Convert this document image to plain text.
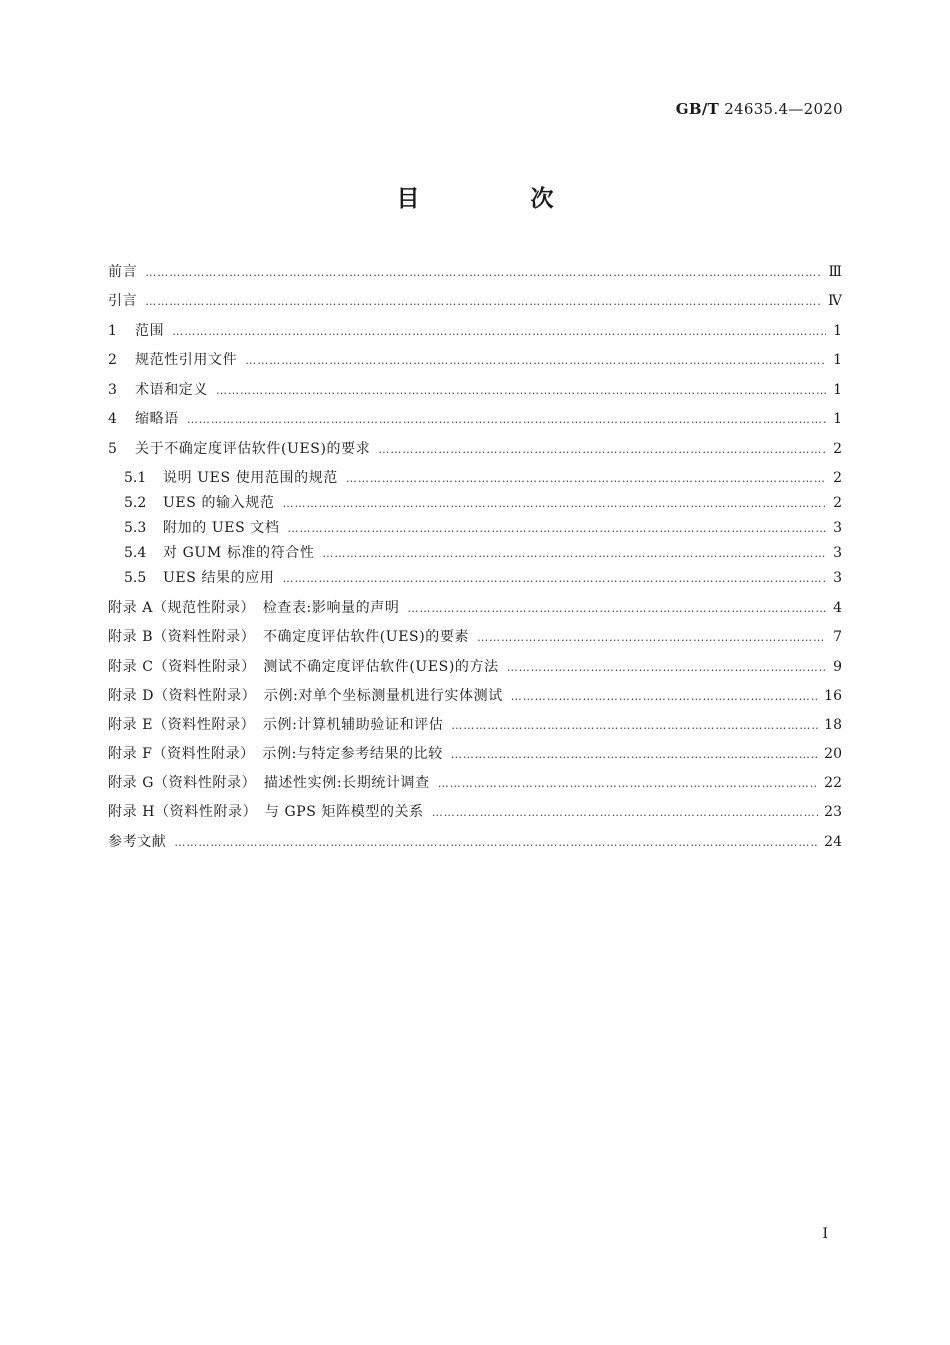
GB/T 24635.4—2020
目　次
前言 …………………………………………………………………………………………………………………………………………………………………………………………………………………………………………………	Ⅲ
引言 …………………………………………………………………………………………………………………………………………………………………………………………………………………………………………………	Ⅳ
1	范围 …………………………………………………………………………………………………………………………………………………………………………………………………………………………………………………	1
2	规范性引用文件 …………………………………………………………………………………………………………………………………………………………………………………………………………………………………………………	1
3	术语和定义 …………………………………………………………………………………………………………………………………………………………………………………………………………………………………………………	1
4	缩略语 …………………………………………………………………………………………………………………………………………………………………………………………………………………………………………………	1
5	关于不确定度评估软件(UES)的要求 …………………………………………………………………………………………………………………………………………………………………………………………………………………………………………………	2
5.1	说明 UES 使用范围的规范 …………………………………………………………………………………………………………………………………………………………………………………………………………………………………………………	2
5.2	UES 的输入规范 …………………………………………………………………………………………………………………………………………………………………………………………………………………………………………………	2
5.3	附加的 UES 文档 …………………………………………………………………………………………………………………………………………………………………………………………………………………………………………………	3
5.4	对 GUM 标准的符合性 …………………………………………………………………………………………………………………………………………………………………………………………………………………………………………………	3
5.5	UES 结果的应用 …………………………………………………………………………………………………………………………………………………………………………………………………………………………………………………	3
附录 A（规范性附录）　检查表:影响量的声明 …………………………………………………………………………………………………………………………………………………………………………………………………………………………………………………	4
附录 B（资料性附录）　不确定度评估软件(UES)的要素 …………………………………………………………………………………………………………………………………………………………………………………………………………………………………………………	7
附录 C（资料性附录）　测试不确定度评估软件(UES)的方法 …………………………………………………………………………………………………………………………………………………………………………………………………………………………………………………	9
附录 D（资料性附录）　示例:对单个坐标测量机进行实体测试 …………………………………………………………………………………………………………………………………………………………………………………………………………………………………………………	16
附录 E（资料性附录）　示例:计算机辅助验证和评估 …………………………………………………………………………………………………………………………………………………………………………………………………………………………………………………	18
附录 F（资料性附录）　示例:与特定参考结果的比较 …………………………………………………………………………………………………………………………………………………………………………………………………………………………………………………	20
附录 G（资料性附录）　描述性实例:长期统计调查 …………………………………………………………………………………………………………………………………………………………………………………………………………………………………………………	22
附录 H（资料性附录）　与 GPS 矩阵模型的关系 …………………………………………………………………………………………………………………………………………………………………………………………………………………………………………………	23
参考文献 …………………………………………………………………………………………………………………………………………………………………………………………………………………………………………………	24
Ⅰ
